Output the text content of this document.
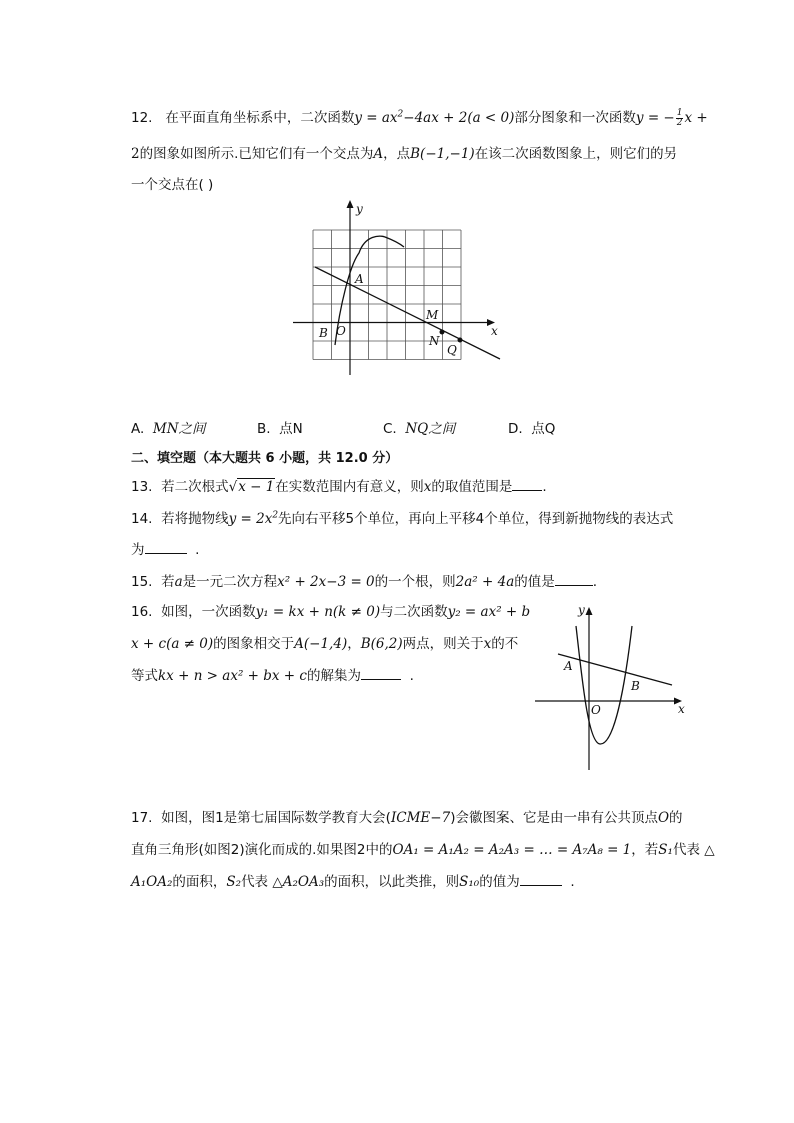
12. 在平面直角坐标系中，二次函数$y = ax^2-4ax + 2(a < 0)$部分图象和一次函数y = − $\frac{1}{2}$ x +
2的图象如图所示.已知它们有一个交点为A，点B(−1,−1)在该二次函数图象上，则它们的另
一个交点在( )
y
x
A
B O
M
N
Q
A. MN之间	B. 点N	C. NQ之间	D. 点Q
二、填空题（本大题共 6 小题，共 12.0 分）
13. 若二次根式√x − 1在实数范围内有意义，则x的取值范围是 .
14. 若将抛物线$y = 2x^2$先向右平移5个单位，再向上平移4个单位，得到新抛物线的表达式
为	.
15. 若a是一元二次方程x² + 2x−3 = 0的一个根，则2a² + 4a的值是	.
16. 如图，一次函数y₁ = kx + n(k ≠ 0)与二次函数y₂ = ax² + b
x + c(a ≠ 0)的图象相交于A(−1,4)，B(6,2)两点，则关于x的不
等式kx + n > ax² + bx + c的解集为	.
y
x
A
B
O
17. 如图，图1是第七届国际数学教育大会(ICME−7)会徽图案、它是由一串有公共顶点O的
直角三角形(如图2)演化而成的.如果图2中的OA₁ = A₁A₂ = A₂A₃ = … = A₇A₈ = 1，若S₁代表 △
A₁OA₂的面积，S₂代表 △A₂OA₃的面积，以此类推，则S₁₀的值为	.
